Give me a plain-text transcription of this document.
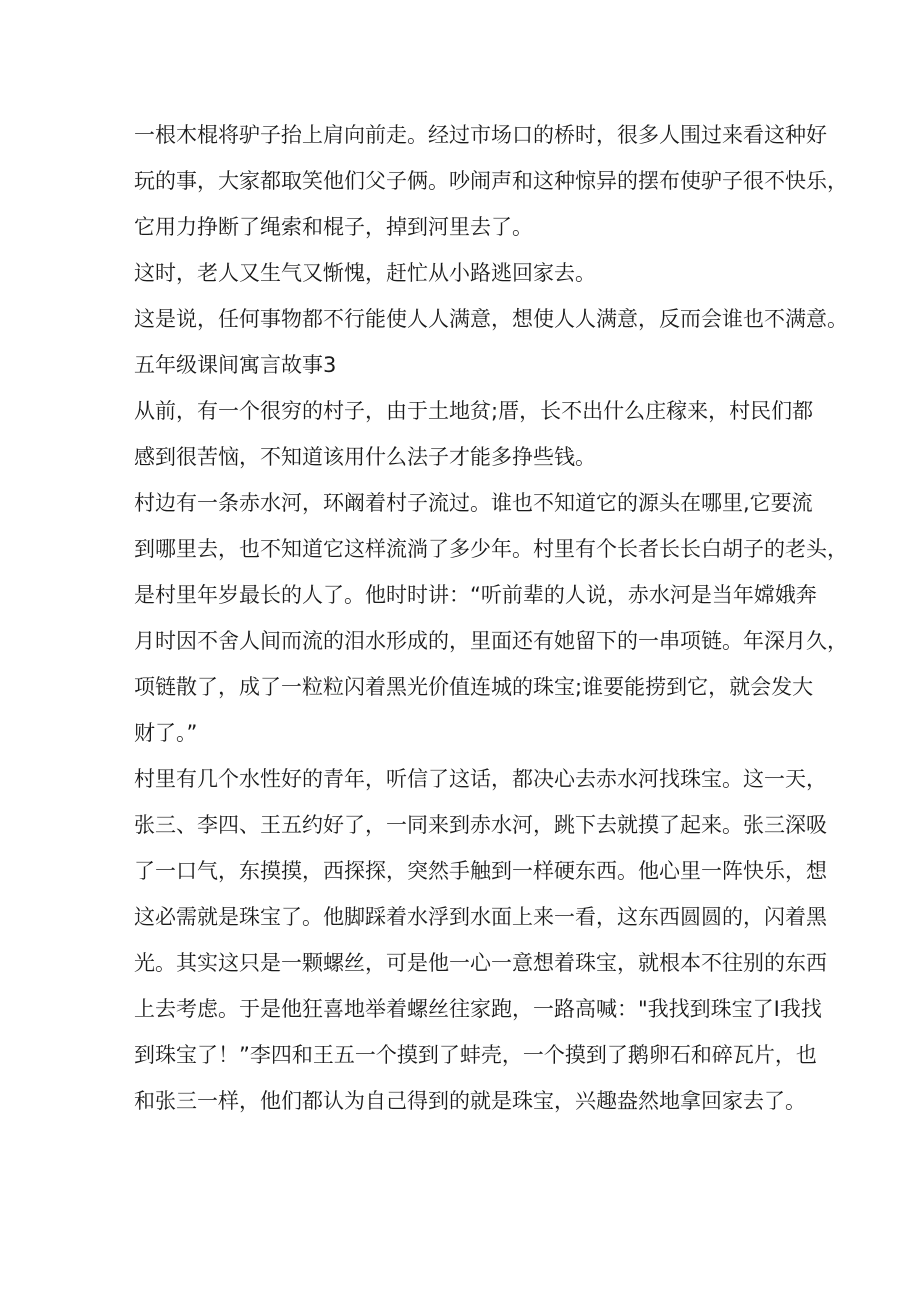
一根木棍将驴子抬上肩向前走。经过市场口的桥时，很多人围过来看这种好
玩的事，大家都取笑他们父子俩。吵闹声和这种惊异的摆布使驴子很不快乐，
它用力挣断了绳索和棍子，掉到河里去了。
这时，老人又生气又惭愧，赶忙从小路逃回家去。
这是说，任何事物都不行能使人人满意，想使人人满意，反而会谁也不满意。
五年级课间寓言故事3
从前，有一个很穷的村子，由于土地贫;厝，长不出什么庄稼来，村民们都
感到很苦恼，不知道该用什么法子才能多挣些钱。
村边有一条赤水河，环阚着村子流过。谁也不知道它的源头在哪里,它要流
到哪里去，也不知道它这样流淌了多少年。村里有个长者长长白胡子的老头，
是村里年岁最长的人了。他时时讲：“听前辈的人说，赤水河是当年嫦娥奔
月时因不舍人间而流的泪水形成的，里面还有她留下的一串项链。年深月久，
项链散了，成了一粒粒闪着黑光价值连城的珠宝;谁要能捞到它，就会发大
财了。”
村里有几个水性好的青年，听信了这话，都决心去赤水河找珠宝。这一天，
张三、李四、王五约好了，一同来到赤水河，跳下去就摸了起来。张三深吸
了一口气，东摸摸，西探探，突然手触到一样硬东西。他心里一阵快乐，想
这必需就是珠宝了。他脚踩着水浮到水面上来一看，这东西圆圆的，闪着黑
光。其实这只是一颗螺丝，可是他一心一意想着珠宝，就根本不往别的东西
上去考虑。于是他狂喜地举着螺丝往家跑，一路高喊："我找到珠宝了I我找
到珠宝了！”李四和王五一个摸到了蚌壳，一个摸到了鹅卵石和碎瓦片，也
和张三一样，他们都认为自己得到的就是珠宝，兴趣盎然地拿回家去了。
